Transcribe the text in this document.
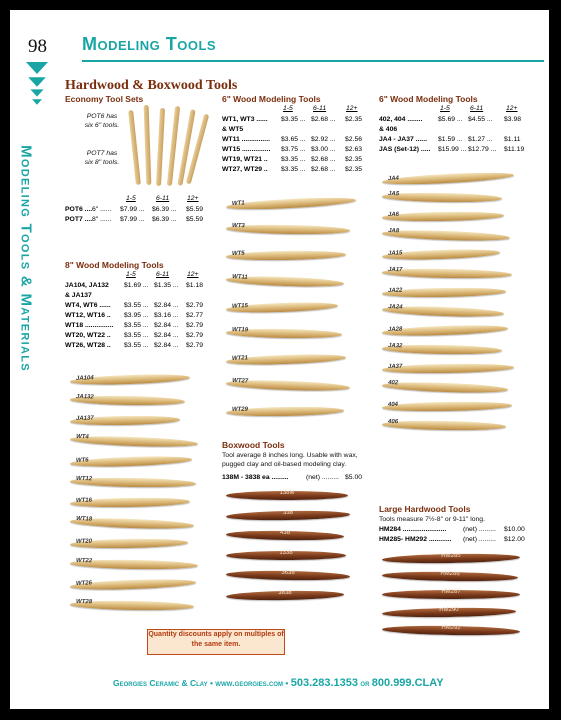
98 Modeling Tools
Modeling Tools & Materials
Hardwood & Boxwood Tools
Economy Tool Sets
POT6 has six 6" tools.
POT7 has six 8" tools.
1-5	6-11	12+
POT6 .... 6" ...... $7.99 ... $6.39 ... $5.59
POT7 .... 8" ...... $7.99 ... $6.39 ... $5.59
8" Wood Modeling Tools
1-5	6-11	12+
JA104, JA132 $1.69 ... $1.35 ... $1.18
& JA137
WT4, WT6 ...... $3.55 ... $2.84 ... $2.79
WT12, WT16 .. $3.95 ... $3.16 ... $2.77
WT18 ............... $3.55 ... $2.84 ... $2.79
WT20, WT22 .. $3.55 ... $2.84 ... $2.79
WT26, WT28 .. $3.55 ... $2.84 ... $2.79
JA104
JA132
JA137
WT4
WT6
WT12
WT16
WT18
WT20
WT22
WT26
WT28
Quantity discounts apply on multiples of the same item.
6" Wood Modeling Tools
1-5	6-11	12+
WT1, WT3 ...... $3.35 ... $2.68 ... $2.35
& WT5
WT11 ............... $3.65 ... $2.92 ... $2.56
WT15 ............... $3.75 ... $3.00 ... $2.63
WT19, WT21 .. $3.35 ... $2.68 ... $2.35
WT27, WT29 .. $3.35 ... $2.68 ... $2.35
WT1
WT3
WT5
WT11
WT15
WT19
WT21
WT27
WT29
Boxwood Tools
Tool average 8 inches long. Usable with wax, pugged clay and oil-based modeling clay.
138M - 3838 ea .........	(net) ......... $5.00
138M
338
438
1338
3638
3838
6" Wood Modeling Tools
1-5	6-11	12+
402, 404 ........ $5.69 ... $4.55 ... $3.98
& 406
JA4 - JA37 ...... $1.59 ... $1.27 ... $1.11
JAS (Set-12) ..... $15.99 ... $12.79 ... $11.19
JA4
JA5
JA6
JA8
JA15
JA17
JA22
JA24
JA28
JA32
JA37
402
404
406
Large Hardwood Tools
Tools measure 7½-8" or 9-11" long.
HM284 ....................... (net) ......... $10.00
HM285- HM292 ............ (net) ......... $12.00
HM285
HM286
HM287
HM290
HM292
Georgies Ceramic & Clay • www.georgies.com • 503.283.1353 or 800.999.CLAY
